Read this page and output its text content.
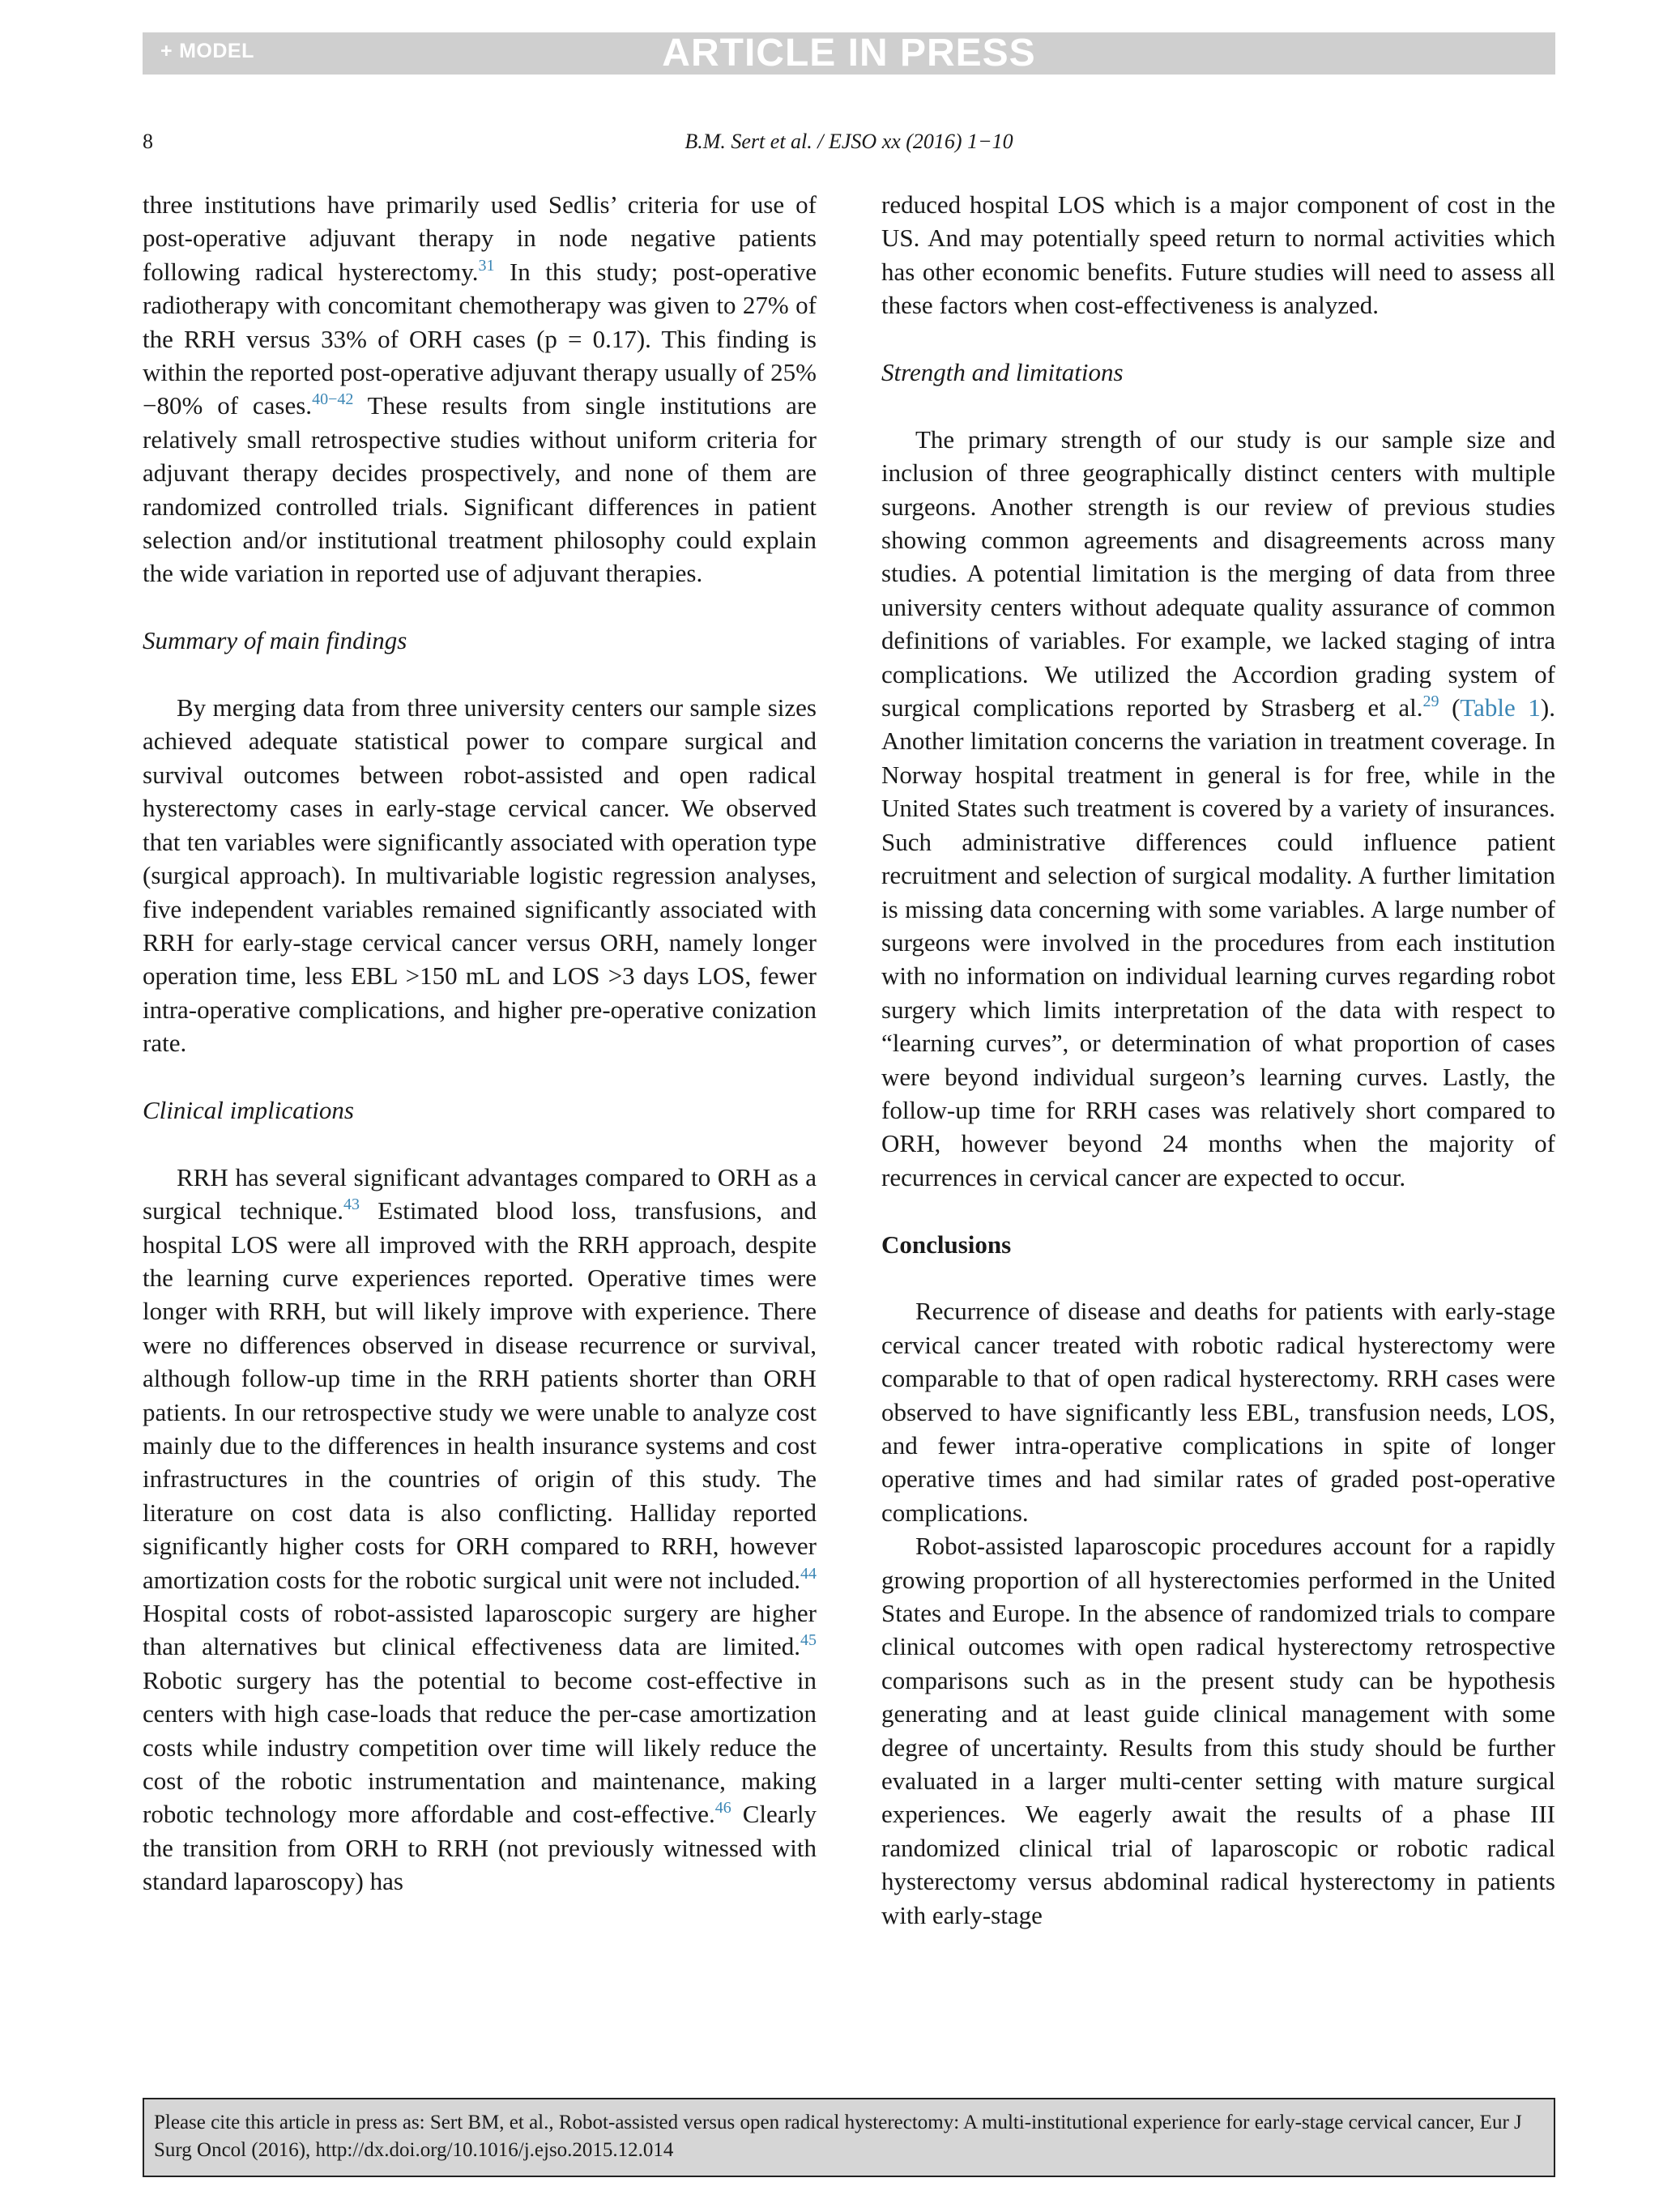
+ MODEL	ARTICLE IN PRESS
8	B.M. Sert et al. / EJSO xx (2016) 1−10

three institutions have primarily used Sedlis’ criteria for use of post-operative adjuvant therapy in node negative patients following radical hysterectomy.$^{31}$ In this study; post-operative radiotherapy with concomitant chemotherapy was given to 27% of the RRH versus 33% of ORH cases (p = 0.17). This finding is within the reported post-operative adjuvant therapy usually of 25%−80% of cases.$^{40-42}$ These results from single institutions are relatively small retrospective studies without uniform criteria for adjuvant therapy decides prospectively, and none of them are randomized controlled trials. Significant differences in patient selection and/or institutional treatment philosophy could explain the wide variation in reported use of adjuvant therapies.

Summary of main findings

By merging data from three university centers our sample sizes achieved adequate statistical power to compare surgical and survival outcomes between robot-assisted and open radical hysterectomy cases in early-stage cervical cancer. We observed that ten variables were significantly associated with operation type (surgical approach). In multivariable logistic regression analyses, five independent variables remained significantly associated with RRH for early-stage cervical cancer versus ORH, namely longer operation time, less EBL >150 mL and LOS >3 days LOS, fewer intra-operative complications, and higher pre-operative conization rate.

Clinical implications

RRH has several significant advantages compared to ORH as a surgical technique.$^{43}$ Estimated blood loss, transfusions, and hospital LOS were all improved with the RRH approach, despite the learning curve experiences reported. Operative times were longer with RRH, but will likely improve with experience. There were no differences observed in disease recurrence or survival, although follow-up time in the RRH patients shorter than ORH patients. In our retrospective study we were unable to analyze cost mainly due to the differences in health insurance systems and cost infrastructures in the countries of origin of this study. The literature on cost data is also conflicting. Halliday reported significantly higher costs for ORH compared to RRH, however amortization costs for the robotic surgical unit were not included.$^{44}$ Hospital costs of robot-assisted laparoscopic surgery are higher than alternatives but clinical effectiveness data are limited.$^{45}$ Robotic surgery has the potential to become cost-effective in centers with high case-loads that reduce the per-case amortization costs while industry competition over time will likely reduce the cost of the robotic instrumentation and maintenance, making robotic technology more affordable and cost-effective.$^{46}$ Clearly the transition from ORH to RRH (not previously witnessed with standard laparoscopy) has

reduced hospital LOS which is a major component of cost in the US. And may potentially speed return to normal activities which has other economic benefits. Future studies will need to assess all these factors when cost-effectiveness is analyzed.

Strength and limitations

The primary strength of our study is our sample size and inclusion of three geographically distinct centers with multiple surgeons. Another strength is our review of previous studies showing common agreements and disagreements across many studies. A potential limitation is the merging of data from three university centers without adequate quality assurance of common definitions of variables. For example, we lacked staging of intra complications. We utilized the Accordion grading system of surgical complications reported by Strasberg et al.$^{29}$ (Table 1). Another limitation concerns the variation in treatment coverage. In Norway hospital treatment in general is for free, while in the United States such treatment is covered by a variety of insurances. Such administrative differences could influence patient recruitment and selection of surgical modality. A further limitation is missing data concerning with some variables. A large number of surgeons were involved in the procedures from each institution with no information on individual learning curves regarding robot surgery which limits interpretation of the data with respect to “learning curves”, or determination of what proportion of cases were beyond individual surgeon’s learning curves. Lastly, the follow-up time for RRH cases was relatively short compared to ORH, however beyond 24 months when the majority of recurrences in cervical cancer are expected to occur.

Conclusions

Recurrence of disease and deaths for patients with early-stage cervical cancer treated with robotic radical hysterectomy were comparable to that of open radical hysterectomy. RRH cases were observed to have significantly less EBL, transfusion needs, LOS, and fewer intra-operative complications in spite of longer operative times and had similar rates of graded post-operative complications.

Robot-assisted laparoscopic procedures account for a rapidly growing proportion of all hysterectomies performed in the United States and Europe. In the absence of randomized trials to compare clinical outcomes with open radical hysterectomy retrospective comparisons such as in the present study can be hypothesis generating and at least guide clinical management with some degree of uncertainty. Results from this study should be further evaluated in a larger multi-center setting with mature surgical experiences. We eagerly await the results of a phase III randomized clinical trial of laparoscopic or robotic radical hysterectomy versus abdominal radical hysterectomy in patients with early-stage

Please cite this article in press as: Sert BM, et al., Robot-assisted versus open radical hysterectomy: A multi-institutional experience for early-stage cervical cancer, Eur J Surg Oncol (2016), http://dx.doi.org/10.1016/j.ejso.2015.12.014
